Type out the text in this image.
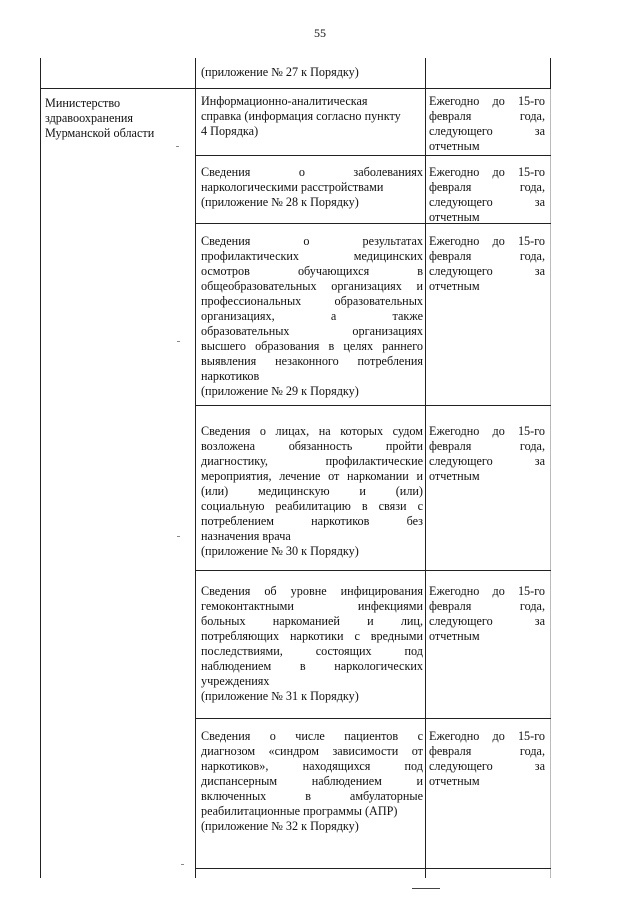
55
(приложение № 27 к Порядку)
Министерство
здравоохранения
Мурманской области
Информационно-аналитическая
справка (информация согласно пункту
4 Порядка)
Ежегодно до 15-го
февраля года,
следующего за
отчетным
Сведения о заболеваниях
наркологическими расстройствами
(приложение № 28 к Порядку)
Ежегодно до 15-го
февраля года,
следующего за
отчетным
Сведения о результатах
профилактических медицинских
осмотров обучающихся в
общеобразовательных организациях и
профессиональных образовательных
организациях, а также
образовательных организациях
высшего образования в целях раннего
выявления незаконного потребления
наркотиков
(приложение № 29 к Порядку)
Ежегодно до 15-го
февраля года,
следующего за
отчетным
Сведения о лицах, на которых судом
возложена обязанность пройти
диагностику, профилактические
мероприятия, лечение от наркомании и
(или) медицинскую и (или)
социальную реабилитацию в связи с
потреблением наркотиков без
назначения врача
(приложение № 30 к Порядку)
Ежегодно до 15-го
февраля года,
следующего за
отчетным
Сведения об уровне инфицирования
гемоконтактными инфекциями
больных наркоманией и лиц,
потребляющих наркотики с вредными
последствиями, состоящих под
наблюдением в наркологических
учреждениях
(приложение № 31 к Порядку)
Ежегодно до 15-го
февраля года,
следующего за
отчетным
Сведения о числе пациентов с
диагнозом «синдром зависимости от
наркотиков», находящихся под
диспансерным наблюдением и
включенных в амбулаторные
реабилитационные программы (АПР)
(приложение № 32 к Порядку)
Ежегодно до 15-го
февраля года,
следующего за
отчетным
